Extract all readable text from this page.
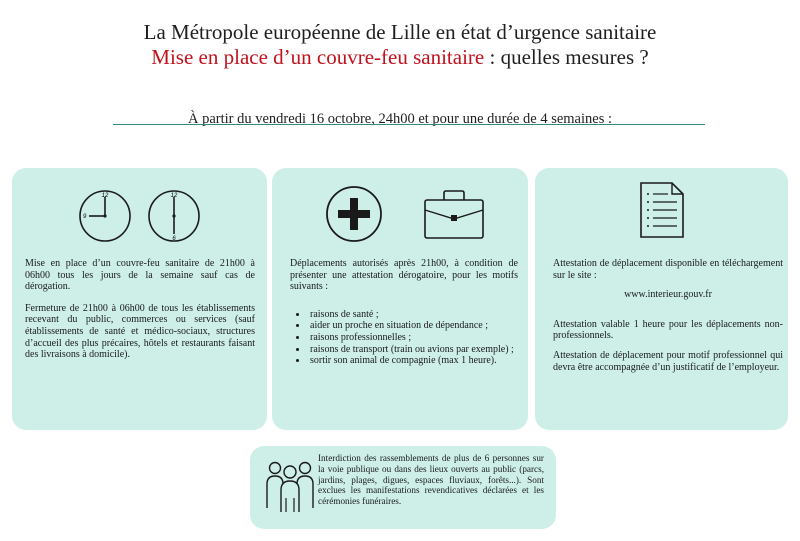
La Métropole européenne de Lille en état d’urgence sanitaire
Mise en place d’un couvre-feu sanitaire : quelles mesures ?
À partir du vendredi 16 octobre, 24h00 et pour une durée de 4 semaines :
12
9
12
6

Mise en place d’un couvre-feu sanitaire de 21h00 à 06h00 tous les jours de la semaine sauf cas de dérogation.

Fermeture de 21h00 à 06h00 de tous les établissements recevant du public, commerces ou services (sauf établissements de santé et médico-sociaux, structures d’accueil des plus précaires, hôtels et restaurants faisant des livraisons à domicile).

Déplacements autorisés après 21h00, à condition de présenter une attestation dérogatoire, pour les motifs suivants :

• raisons de santé ;
• aider un proche en situation de dépendance ;
• raisons professionnelles ;
• raisons de transport (train ou avions par exemple) ;
• sortir son animal de compagnie (max 1 heure).

Attestation de déplacement disponible en téléchargement sur le site :

www.interieur.gouv.fr

Attestation valable 1 heure pour les déplacements non-professionnels.

Attestation de déplacement pour motif professionnel qui devra être accompagnée d’un justificatif de l’employeur.

Interdiction des rassemblements de plus de 6 personnes sur la voie publique ou dans des lieux ouverts au public (parcs, jardins, plages, digues, espaces fluviaux, forêts...). Sont exclues les manifestations revendicatives déclarées et les cérémonies funéraires.
